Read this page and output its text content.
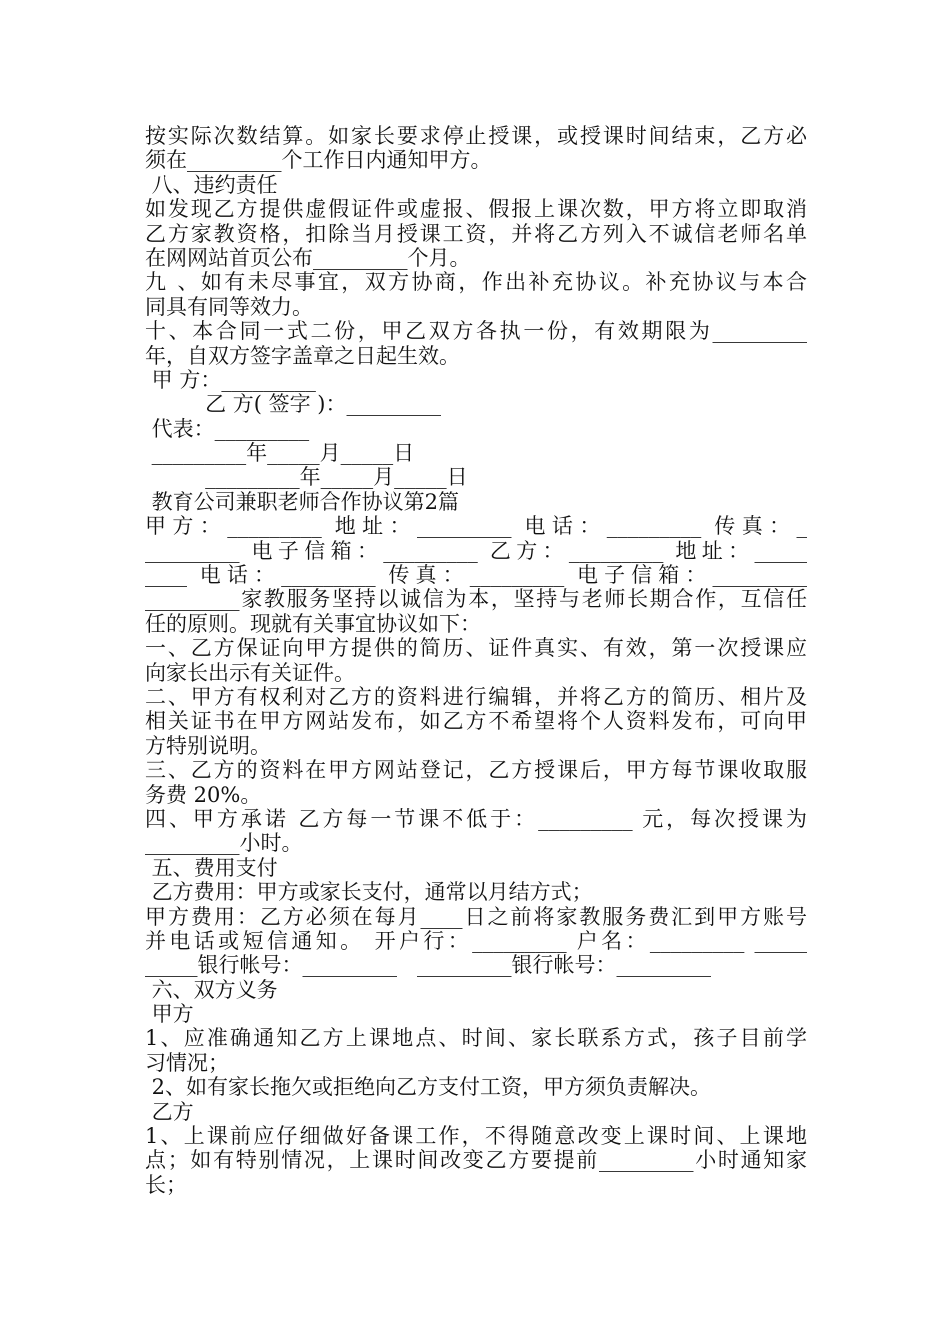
按实际次数结算。如家长要求停止授课，或授课时间结束，乙方必
须在_________个工作日内通知甲方。
八、违约责任
如发现乙方提供虚假证件或虚报、假报上课次数，甲方将立即取消
乙方家教资格，扣除当月授课工资，并将乙方列入不诚信老师名单
在网网站首页公布_________个月。
九 、如有未尽事宜，双方协商，作出补充协议。补充协议与本合
同具有同等效力。
十、本合同一式二份，甲乙双方各执一份，有效期限为_________
年，自双方签字盖章之日起生效。
甲 方：_________
乙 方( 签字 )：_________
代表：_________
_________年_____月_____日
_________年_____月_____日
教育公司兼职老师合作协议第2篇
甲方：_________ 地址：_________ 电话：_________ 传真：_
_________ 电子信箱：_________ 乙方：_________ 地址：_____
____ 电话：_________ 传真：_________ 电子信箱：_________
_________家教服务坚持以诚信为本，坚持与老师长期合作，互信任
任的原则。现就有关事宜协议如下：
一、乙方保证向甲方提供的简历、证件真实、有效，第一次授课应
向家长出示有关证件。
二、甲方有权利对乙方的资料进行编辑，并将乙方的简历、相片及
相关证书在甲方网站发布，如乙方不希望将个人资料发布，可向甲
方特别说明。
三、乙方的资料在甲方网站登记，乙方授课后，甲方每节课收取服
务费 20%。
四、甲方承诺 乙方每一节课不低于：_________ 元，每次授课为
_________小时。
五、费用支付
乙方费用：甲方或家长支付，通常以月结方式；
甲方费用：乙方必须在每月____日之前将家教服务费汇到甲方账号
并电话或短信通知。 开户行：_________ 户名：_________ _____
_____银行帐号：_________   _________银行帐号：_________
六、双方义务
甲方
1、应准确通知乙方上课地点、时间、家长联系方式，孩子目前学
习情况；
2、如有家长拖欠或拒绝向乙方支付工资，甲方须负责解决。
乙方
1、上课前应仔细做好备课工作，不得随意改变上课时间、上课地
点；如有特别情况，上课时间改变乙方要提前_________小时通知家
长；
